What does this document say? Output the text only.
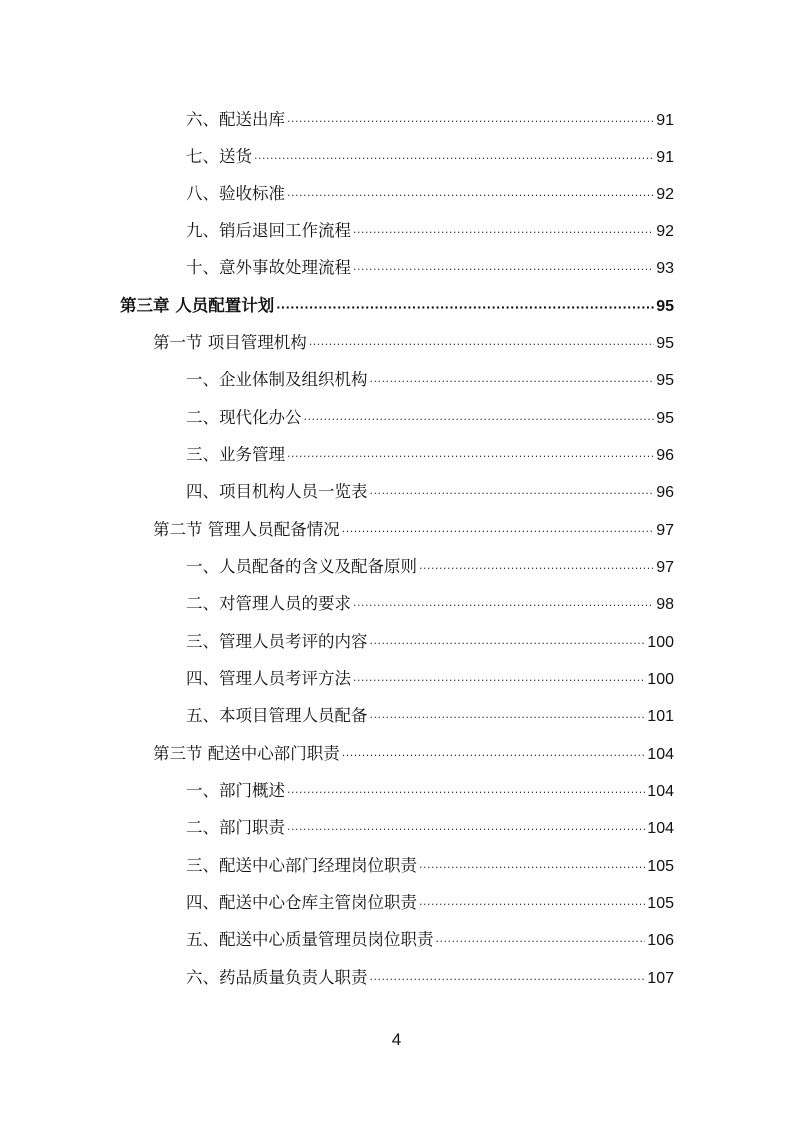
六、配送出库 ·····	91
七、送货 ·····	91
八、验收标准 ·····	92
九、销后退回工作流程 ·····	92
十、意外事故处理流程 ·····	93
第三章 人员配置计划 ·····	95
第一节 项目管理机构 ·····	95
一、企业体制及组织机构 ·····	95
二、现代化办公 ·····	95
三、业务管理 ·····	96
四、项目机构人员一览表 ·····	96
第二节 管理人员配备情况 ·····	97
一、人员配备的含义及配备原则 ·····	97
二、对管理人员的要求 ·····	98
三、管理人员考评的内容 ·····	100
四、管理人员考评方法 ·····	100
五、本项目管理人员配备 ·····	101
第三节 配送中心部门职责 ·····	104
一、部门概述 ·····	104
二、部门职责 ·····	104
三、配送中心部门经理岗位职责 ·····	105
四、配送中心仓库主管岗位职责 ·····	105
五、配送中心质量管理员岗位职责 ·····	106
六、药品质量负责人职责 ·····	107
4
